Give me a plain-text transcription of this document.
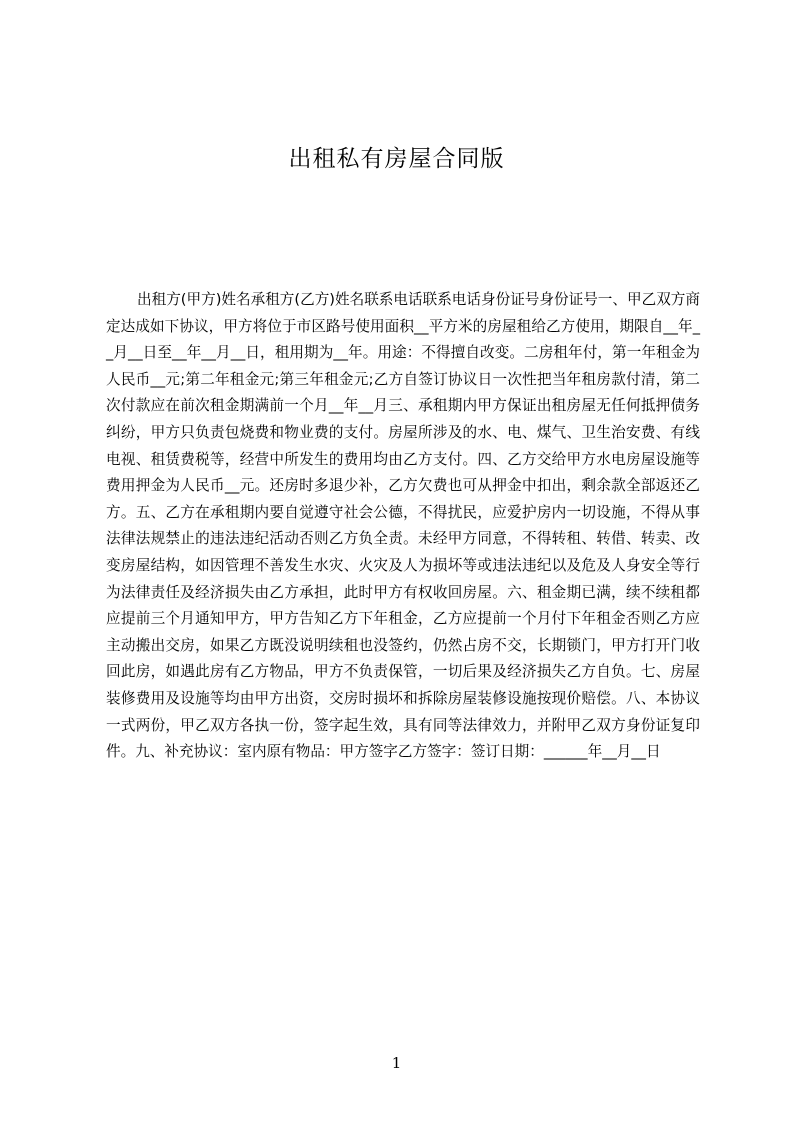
出租私有房屋合同版
出租方(甲方)姓名承租方(乙方)姓名联系电话联系电话身份证号身份证号一、甲乙双方商定达成如下协议，甲方将位于市区路号使用面积__平方米的房屋租给乙方使用，期限自__年__月__日至__年__月__日，租用期为__年。用途：不得擅自改变。二房租年付，第一年租金为人民币__元;第二年租金元;第三年租金元;乙方自签订协议日一次性把当年租房款付清，第二次付款应在前次租金期满前一个月__年__月三、承租期内甲方保证出租房屋无任何抵押债务纠纷，甲方只负责包烧费和物业费的支付。房屋所涉及的水、电、煤气、卫生治安费、有线电视、租赁费税等，经营中所发生的费用均由乙方支付。四、乙方交给甲方水电房屋设施等费用押金为人民币__元。还房时多退少补，乙方欠费也可从押金中扣出，剩余款全部返还乙方。五、乙方在承租期内要自觉遵守社会公德，不得扰民，应爱护房内一切设施，不得从事法律法规禁止的违法违纪活动否则乙方负全责。未经甲方同意，不得转租、转借、转卖、改变房屋结构，如因管理不善发生水灾、火灾及人为损坏等或违法违纪以及危及人身安全等行为法律责任及经济损失由乙方承担，此时甲方有权收回房屋。六、租金期已满，续不续租都应提前三个月通知甲方，甲方告知乙方下年租金，乙方应提前一个月付下年租金否则乙方应主动搬出交房，如果乙方既没说明续租也没签约，仍然占房不交，长期锁门，甲方打开门收回此房，如遇此房有乙方物品，甲方不负责保管，一切后果及经济损失乙方自负。七、房屋装修费用及设施等均由甲方出资，交房时损坏和拆除房屋装修设施按现价赔偿。八、本协议一式两份，甲乙双方各执一份，签字起生效，具有同等法律效力，并附甲乙双方身份证复印件。九、补充协议：室内原有物品：甲方签字乙方签字：签订日期：______年__月__日
1
